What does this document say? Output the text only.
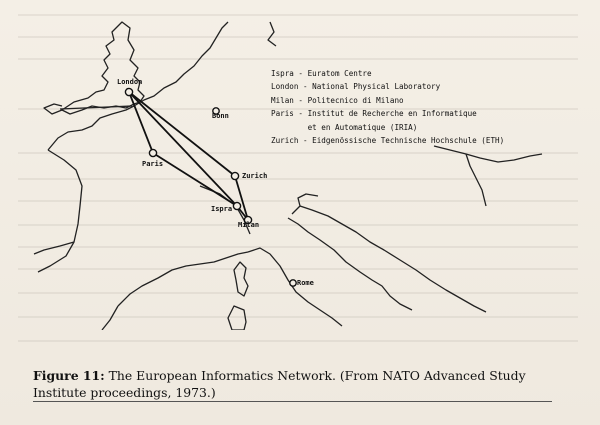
London
Bonn
Paris
Zurich
Ispra
Milan
Rome
Ispra - Euratom Centre
London - National Physical Laboratory
Milan - Politecnico di Milano
Paris - Institut de Recherche en Informatique
et en Automatique (IRIA)
Zurich - Eidgenössische Technische Hochschule (ETH)
Figure 11: The European Informatics Network. (From NATO Advanced Study Institute proceedings, 1973.)
